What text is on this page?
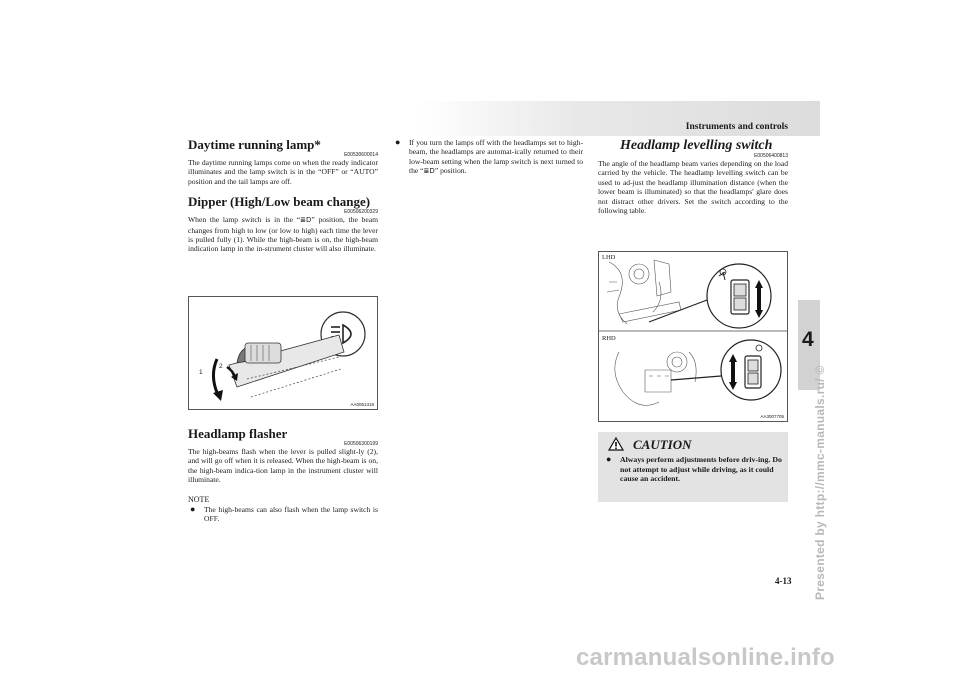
Instruments and controls
4
Presented by http://mmc-manuals.ru/ ©
4-13
carmanualsonline.info
Daytime running lamp*
E00530600014

The daytime running lamps come on when the ready indicator illuminates and the lamp switch is in the “OFF” or “AUTO” position and the tail lamps are off.

Dipper (High/Low beam change)
E00506200329

When the lamp switch is in the “≣D” position, the beam changes from high to low (or low to high) each time the lever is pulled fully (1). While the high-beam is on, the high-beam indication lamp in the in-strument cluster will also illuminate.

1
2
AA0061318
Headlamp flasher
E00506300199

The high-beams flash when the lever is pulled slight-ly (2), and will go off when it is released. When the high-beam is on, the high-beam indica-tion lamp in the instrument cluster will illuminate.

NOTE
●	The high-beams can also flash when the lamp switch is OFF.
●	If you turn the lamps off with the headlamps set to high-beam, the headlamps are automat-ically returned to their low-beam setting when the lamp switch is next turned to the “≣D” position.
Headlamp levelling switch
E00506400813

The angle of the headlamp beam varies depending on the load carried by the vehicle. The headlamp levelling switch can be used to ad-just the headlamp illumination distance (when the lower beam is illuminated) so that the headlamps' glare does not distract other drivers. Set the switch according to the following table.

LHD
RHD
AA3007705
CAUTION
●	Always perform adjustments before driv-ing. Do not attempt to adjust while driving, as it could cause an accident.
